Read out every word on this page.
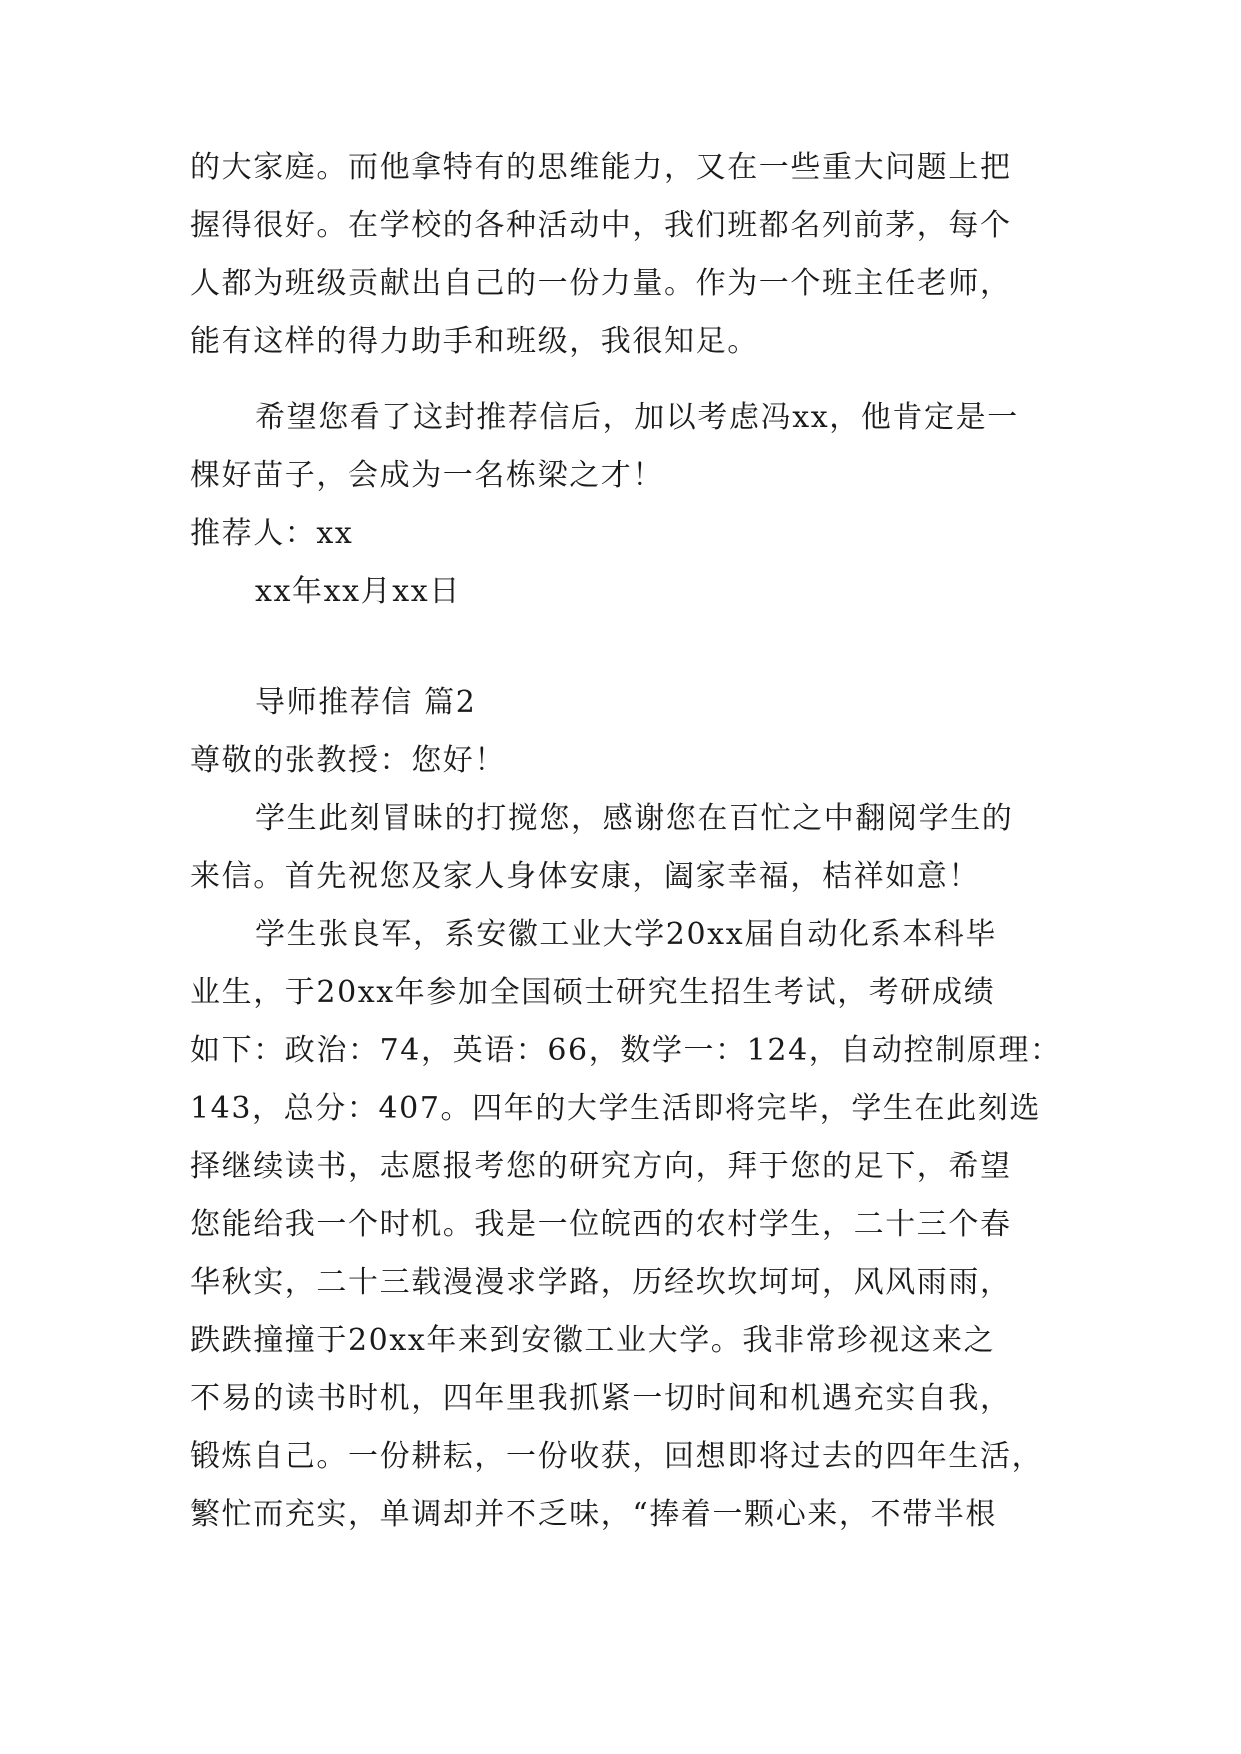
的大家庭。而他拿特有的思维能力，又在一些重大问题上把
握得很好。在学校的各种活动中，我们班都名列前茅，每个
人都为班级贡献出自己的一份力量。作为一个班主任老师，
能有这样的得力助手和班级，我很知足。
希望您看了这封推荐信后，加以考虑冯xx，他肯定是一
棵好苗子，会成为一名栋梁之才！
推荐人：xx
xx年xx月xx日
导师推荐信 篇2
尊敬的张教授：您好！
学生此刻冒昧的打搅您，感谢您在百忙之中翻阅学生的
来信。首先祝您及家人身体安康，阖家幸福，桔祥如意！
学生张良军，系安徽工业大学20xx届自动化系本科毕
业生，于20xx年参加全国硕士研究生招生考试，考研成绩
如下：政治：74，英语：66，数学一：124，自动控制原理：
143，总分：407。四年的大学生活即将完毕，学生在此刻选
择继续读书，志愿报考您的研究方向，拜于您的足下，希望
您能给我一个时机。我是一位皖西的农村学生，二十三个春
华秋实，二十三载漫漫求学路，历经坎坎坷坷，风风雨雨，
跌跌撞撞于20xx年来到安徽工业大学。我非常珍视这来之
不易的读书时机，四年里我抓紧一切时间和机遇充实自我，
锻炼自己。一份耕耘，一份收获，回想即将过去的四年生活，
繁忙而充实，单调却并不乏味，“捧着一颗心来，不带半根
